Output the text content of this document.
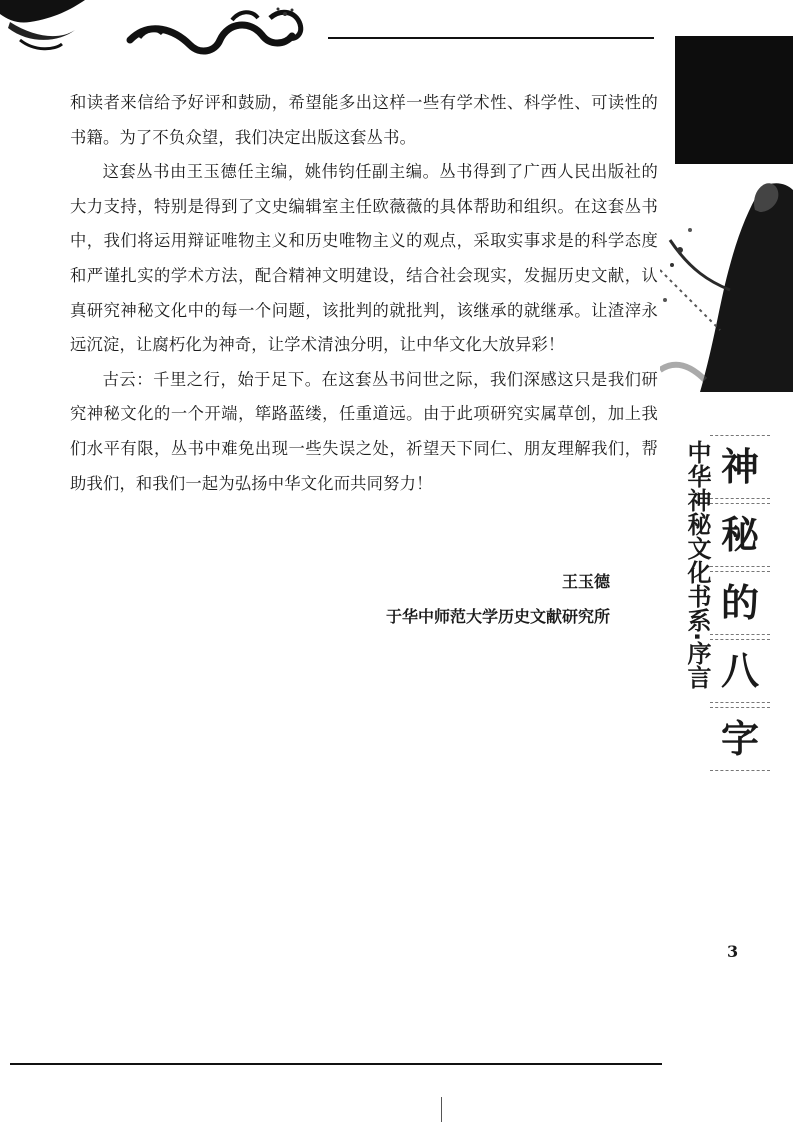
和读者来信给予好评和鼓励，希望能多出这样一些有学术性、科学性、可读性的书籍。为了不负众望，我们决定出版这套丛书。

这套丛书由王玉德任主编，姚伟钧任副主编。丛书得到了广西人民出版社的大力支持，特别是得到了文史编辑室主任欧薇薇的具体帮助和组织。在这套丛书中，我们将运用辩证唯物主义和历史唯物主义的观点，采取实事求是的科学态度和严谨扎实的学术方法，配合精神文明建设，结合社会现实，发掘历史文献，认真研究神秘文化中的每一个问题，该批判的就批判，该继承的就继承。让渣滓永远沉淀，让腐朽化为神奇，让学术清浊分明，让中华文化大放异彩！

古云：千里之行，始于足下。在这套丛书问世之际，我们深感这只是我们研究神秘文化的一个开端，筚路蓝缕，任重道远。由于此项研究实属草创，加上我们水平有限，丛书中难免出现一些失误之处，祈望天下同仁、朋友理解我们，帮助我们，和我们一起为弘扬中华文化而共同努力！

王玉德
于华中师范大学历史文献研究所	中华神秘文化书系·序言 神
秘
的
八
字
3
